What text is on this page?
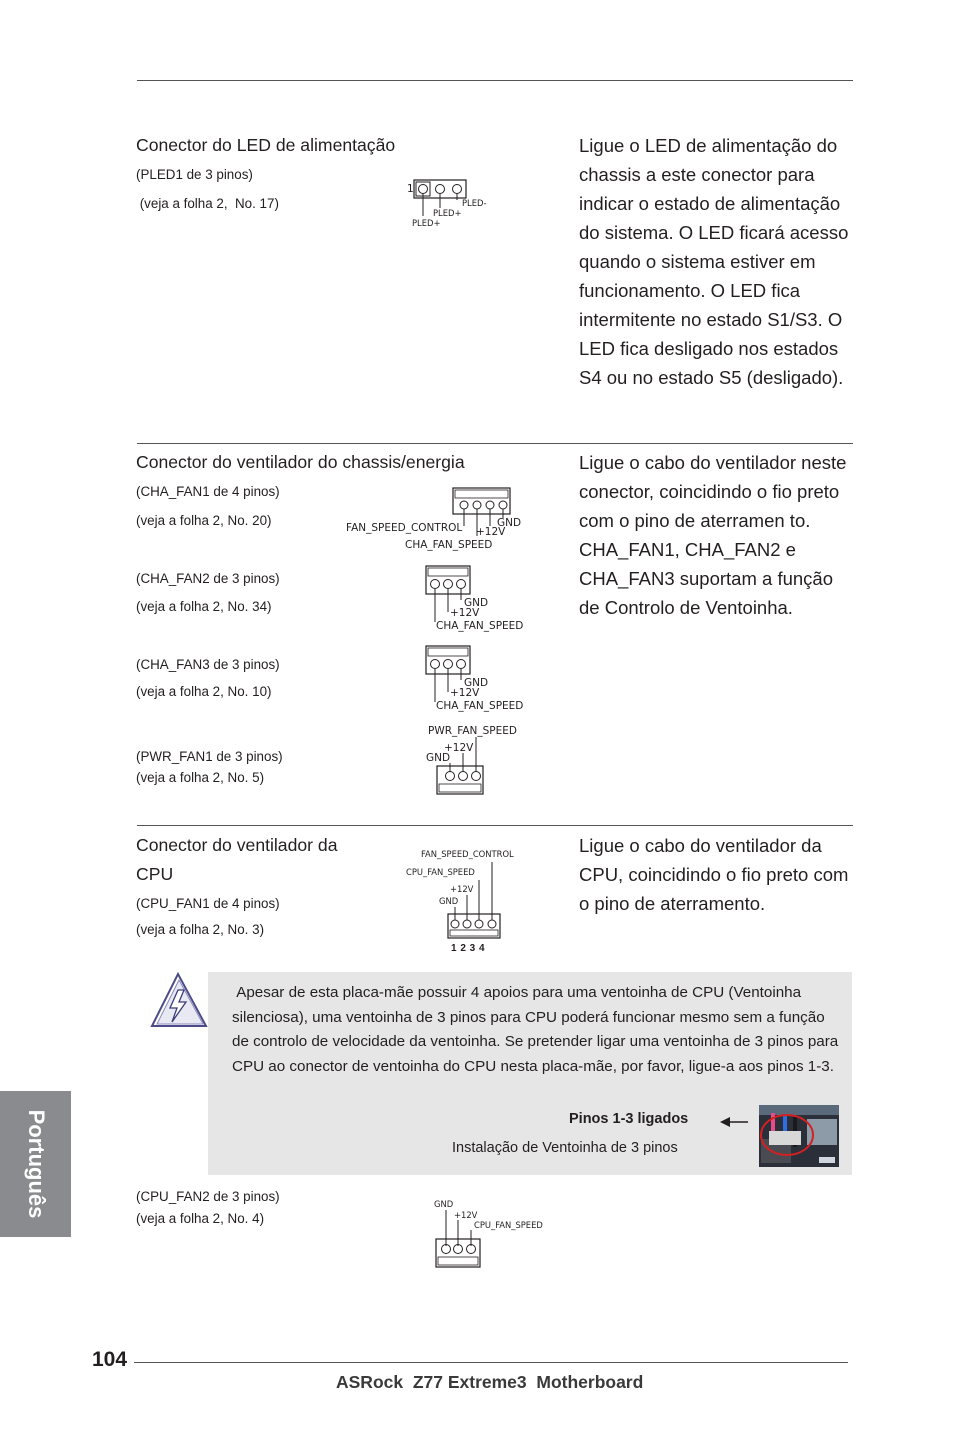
Conector do LED de alimentação
(PLED1 de 3 pinos)
(veja a folha 2,  No. 17)
Ligue o LED de alimentação do chassis a este conector para indicar o estado de alimentação do sistema. O LED ficará acesso quando o sistema estiver em funcionamento. O LED fica intermitente no estado S1/S3. O LED fica desligado nos estados S4 ou no estado S5 (desligado).
1
PLED-
PLED+
PLED+
Conector do ventilador do chassis/energia	Ligue o cabo do ventilador neste conector, coincidindo o fio preto com o pino de aterramen to. CHA_FAN1, CHA_FAN2 e CHA_FAN3 suportam a função de Controlo de Ventoinha.
(CHA_FAN1 de 4 pinos)
(veja a folha 2, No. 20)	FAN_SPEED_CONTROL +12V
GND
CHA_FAN_SPEED
(CHA_FAN2 de 3 pinos)
(veja a folha 2, No. 34)	GND
+12V
CHA_FAN_SPEED
(CHA_FAN3 de 3 pinos)
(veja a folha 2, No. 10)
GND
+12V
CHA_FAN_SPEED
(PWR_FAN1 de 3 pinos)
(veja a folha 2, No. 5)
PWR_FAN_SPEED
+12V
GND
Conector do ventilador da
CPU
(CPU_FAN1 de 4 pinos)
(veja a folha 2, No. 3)
Ligue o cabo do ventilador da CPU, coincidindo o fio preto com o pino de aterramento.
FAN_SPEED_CONTROL
CPU_FAN_SPEED
+12V
GND
1 2 3 4
Apesar de esta placa-mãe possuir 4 apoios para uma ventoinha de CPU (Ventoinha silenciosa), uma ventoinha de 3 pinos para CPU poderá funcionar mesmo sem a função de controlo de velocidade da ventoinha. Se pretender ligar uma ventoinha de 3 pinos para CPU ao conector de ventoinha do CPU nesta placa-mãe, por favor, ligue-a aos pinos 1-3.
Pinos 1-3 ligados
Instalação de Ventoinha de 3 pinos
(CPU_FAN2 de 3 pinos)
(veja a folha 2, No. 4)
GND
+12V
CPU_FAN_SPEED
Português
104
ASRock  Z77 Extreme3  Motherboard
